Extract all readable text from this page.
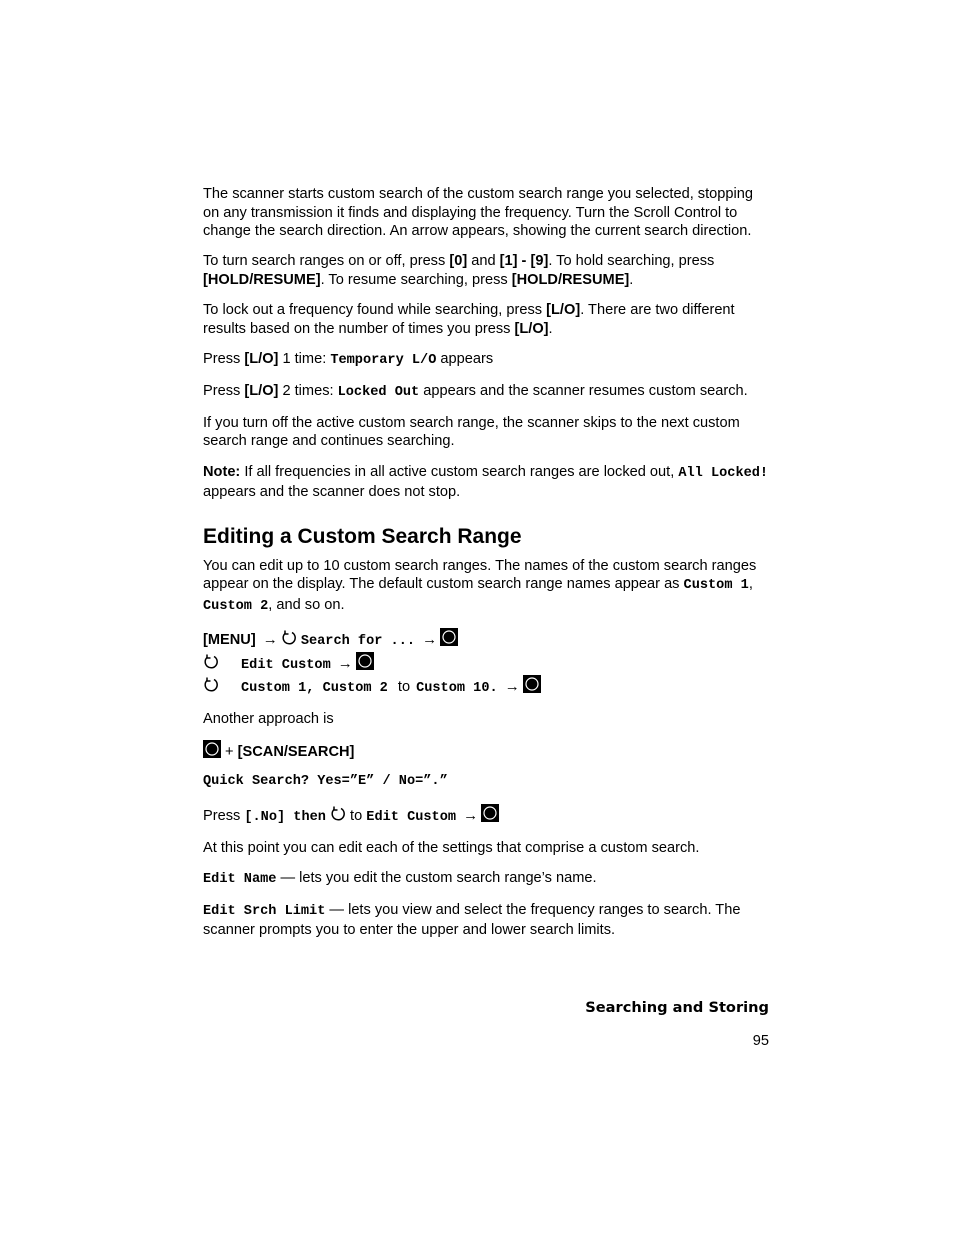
The scanner starts custom search of the custom search range you selected, stopping on any transmission it finds and displaying the frequency. Turn the Scroll Control to change the search direction. An arrow appears, showing the current search direction.

To turn search ranges on or off, press [0] and [1] - [9]. To hold searching, press [HOLD/RESUME]. To resume searching, press [HOLD/RESUME].

To lock out a frequency found while searching, press [L/O]. There are two different results based on the number of times you press [L/O].

Press [L/O] 1 time: Temporary L/O appears

Press [L/O] 2 times: Locked Out appears and the scanner resumes custom search.

If you turn off the active custom search range, the scanner skips to the next custom search range and continues searching.

Note: If all frequencies in all active custom search ranges are locked out, All Locked! appears and the scanner does not stop.

Editing a Custom Search Range

You can edit up to 10 custom search ranges. The names of the custom search ranges appear on the display. The default custom search range names appear as Custom 1, Custom 2, and so on.

[MENU] → Search for ... →
Edit Custom →
Custom 1, Custom 2 to Custom 10. →

Another approach is

+ [SCAN/SEARCH]

Quick Search? Yes=”E” / No=”.”

Press [.No] then  to Edit Custom →

At this point you can edit each of the settings that comprise a custom search.

Edit Name — lets you edit the custom search range’s name.

Edit Srch Limit — lets you view and select the frequency ranges to search. The scanner prompts you to enter the upper and lower search limits.

Searching and Storing
95
